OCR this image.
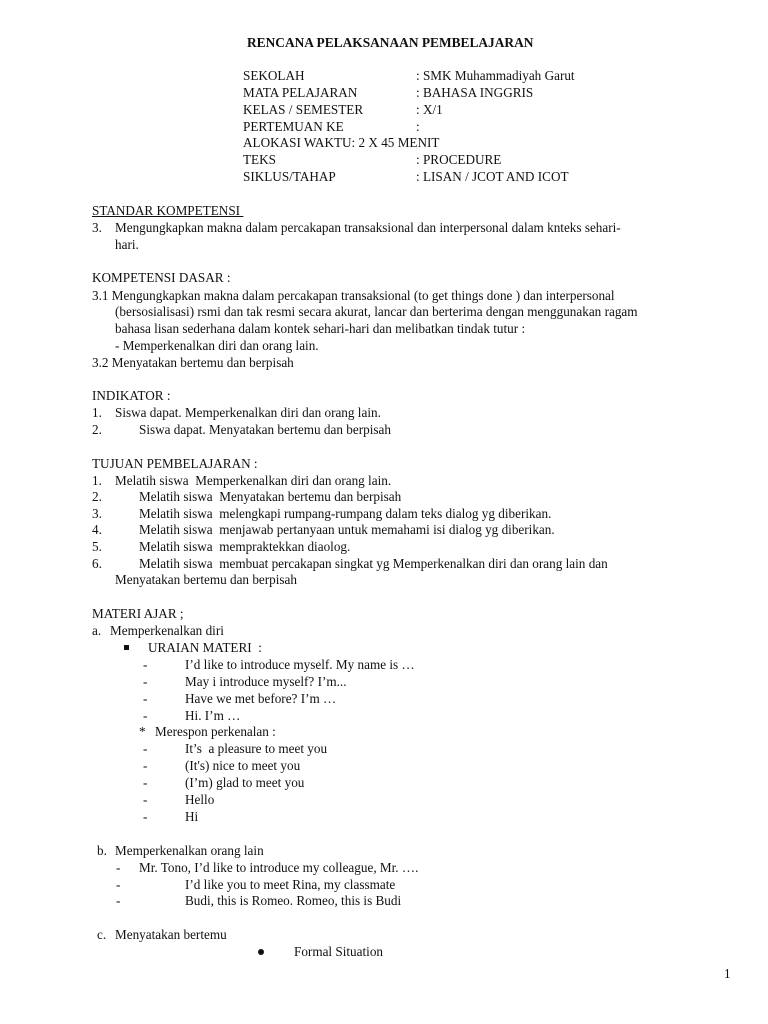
RENCANA PELAKSANAAN PEMBELAJARAN
SEKOLAH	: SMK Muhammadiyah Garut
MATA PELAJARAN	: BAHASA INGGRIS
KELAS / SEMESTER	: X/1
PERTEMUAN KE	:
ALOKASI WAKTU: 2 X 45 MENIT
TEKS	: PROCEDURE
SIKLUS/TAHAP	: LISAN / JCOT AND ICOT
STANDAR KOMPETENSI
3. Mengungkapkan makna dalam percakapan transaksional dan interpersonal dalam knteks sehari-
hari.
KOMPETENSI DASAR :
3.1 Mengungkapkan makna dalam percakapan transaksional (to get things done ) dan interpersonal
(bersosialisasi) rsmi dan tak resmi secara akurat, lancar dan berterima dengan menggunakan ragam
bahasa lisan sederhana dalam kontek sehari-hari dan melibatkan tindak tutur :
- Memperkenalkan diri dan orang lain.
3.2 Menyatakan bertemu dan berpisah
INDIKATOR :
1. Siswa dapat. Memperkenalkan diri dan orang lain.
2.	Siswa dapat. Menyatakan bertemu dan berpisah
TUJUAN PEMBELAJARAN :
1. Melatih siswa  Memperkenalkan diri dan orang lain.
2.	Melatih siswa  Menyatakan bertemu dan berpisah
3.	Melatih siswa  melengkapi rumpang-rumpang dalam teks dialog yg diberikan.
4.	Melatih siswa  menjawab pertanyaan untuk memahami isi dialog yg diberikan.
5.	Melatih siswa  mempraktekkan diaolog.
6.	Melatih siswa  membuat percakapan singkat yg Memperkenalkan diri dan orang lain dan
Menyatakan bertemu dan berpisah
MATERI AJAR ;
a. Memperkenalkan diri
URAIAN MATERI  :
-	I’d like to introduce myself. My name is …
-	May i introduce myself? I’m...
-	Have we met before? I’m …
-	Hi. I’m …
* Merespon perkenalan :
-	It’s  a pleasure to meet you
-	(It's) nice to meet you
-	(I’m) glad to meet you
-	Hello
-	Hi
b. Memperkenalkan orang lain
- Mr. Tono, I’d like to introduce my colleague, Mr. ….
-	I’d like you to meet Rina, my classmate
-	Budi, this is Romeo. Romeo, this is Budi
c. Menyatakan bertemu
Formal Situation
1
